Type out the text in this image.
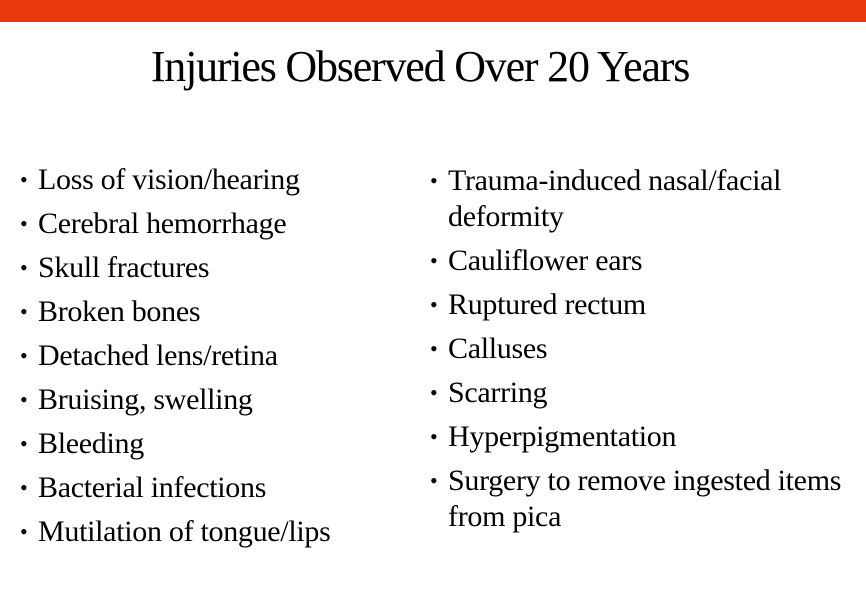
Injuries Observed Over 20 Years
• Loss of vision/hearing
• Cerebral hemorrhage
• Skull fractures
• Broken bones
• Detached lens/retina
• Bruising, swelling
• Bleeding
• Bacterial infections
• Mutilation of tongue/lips
• Trauma-induced nasal/facial deformity
• Cauliflower ears
• Ruptured rectum
• Calluses
• Scarring
• Hyperpigmentation
• Surgery to remove ingested items from pica
